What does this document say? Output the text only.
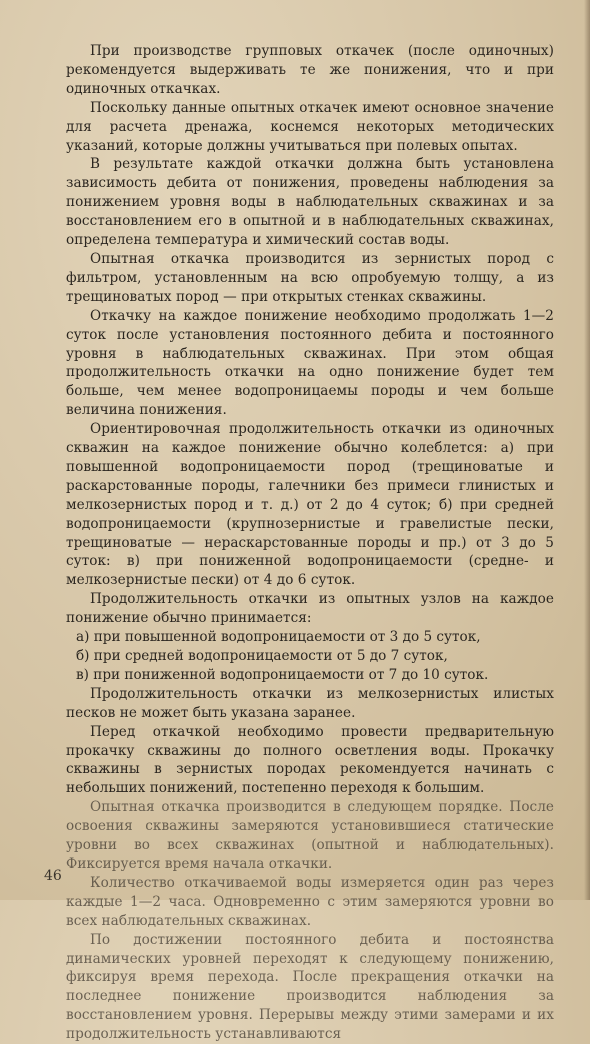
При производстве групповых откачек (после одиночных) рекомендуется выдерживать те же понижения, что и при одиночных откачках.

Поскольку данные опытных откачек имеют основное значение для расчета дренажа, коснемся некоторых методических указаний, которые должны учитываться при полевых опытах.

В результате каждой откачки должна быть установлена зависимость дебита от понижения, проведены наблюдения за понижением уровня воды в наблюдательных скважинах и за восстановлением его в опытной и в наблюдательных скважинах, определена температура и химический состав воды.

Опытная откачка производится из зернистых пород с фильтром, установленным на всю опробуемую толщу, а из трещиноватых пород — при открытых стенках скважины.

Откачку на каждое понижение необходимо продолжать 1—2 суток после установления постоянного дебита и постоянного уровня в наблюдательных скважинах. При этом общая продолжительность откачки на одно понижение будет тем больше, чем менее водопроницаемы породы и чем больше величина понижения.

Ориентировочная продолжительность откачки из одиночных скважин на каждое понижение обычно колеблется: а) при повышенной водопроницаемости пород (трещиноватые и раскарстованные породы, галечники без примеси глинистых и мелкозернистых пород и т. д.) от 2 до 4 суток; б) при средней водопроницаемости (крупнозернистые и гравелистые пески, трещиноватые — нераскарстованные породы и пр.) от 3 до 5 суток: в) при пониженной водопроницаемости (средне- и мелкозернистые пески) от 4 до 6 суток.

Продолжительность откачки из опытных узлов на каждое понижение обычно принимается:

а) при повышенной водопроницаемости от 3 до 5 суток,

б) при средней водопроницаемости от 5 до 7 суток,

в) при пониженной водопроницаемости от 7 до 10 суток.

Продолжительность откачки из мелкозернистых илистых песков не может быть указана заранее.

Перед откачкой необходимо провести предварительную прокачку скважины до полного осветления воды. Прокачку скважины в зернистых породах рекомендуется начинать с небольших понижений, постепенно переходя к большим.

Опытная откачка производится в следующем порядке. После освоения скважины замеряются установившиеся статические уровни во всех скважинах (опытной и наблюдательных). Фиксируется время начала откачки.

Количество откачиваемой воды измеряется один раз через каждые 1—2 часа. Одновременно с этим замеряются уровни во всех наблюдательных скважинах.

По достижении постоянного дебита и постоянства динамических уровней переходят к следующему понижению, фиксируя время перехода. После прекращения откачки на последнее понижение производится наблюдения за восстановлением уровня. Перерывы между этими замерами и их продолжительность устанавливаются

46
